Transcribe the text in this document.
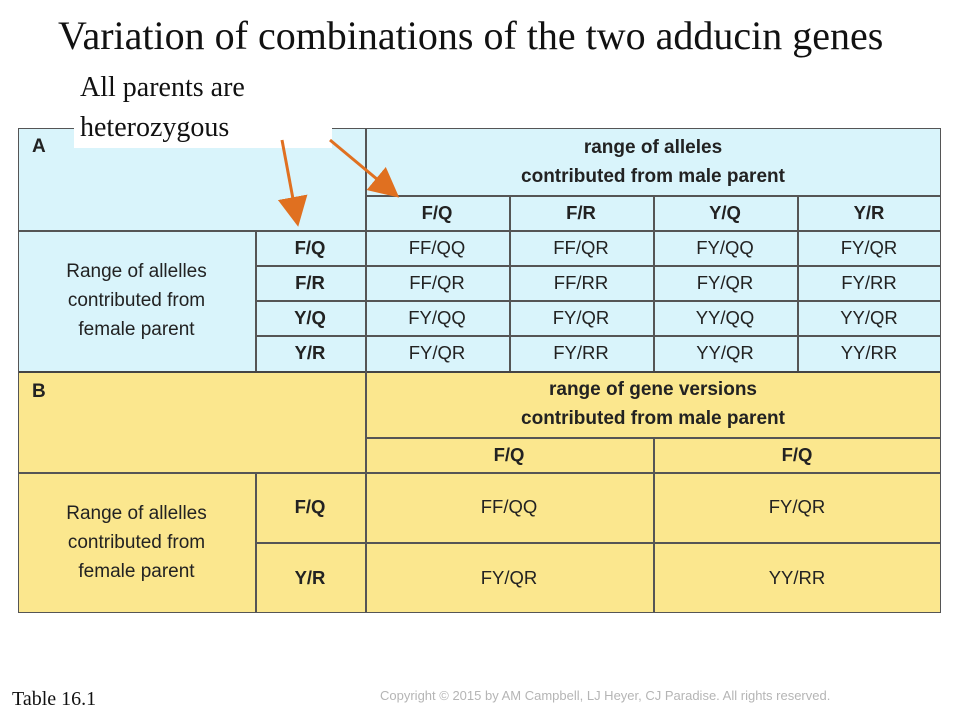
Variation of combinations of the two adducin genes
All parents are
heterozygous
A	range of alleles
contributed from male parent
F/Q	F/R	Y/Q	Y/R
Range of allelles
contributed from
female parent
F/Q	FF/QQ	FF/QR	FY/QQ	FY/QR
F/R	FF/QR	FF/RR	FY/QR	FY/RR
Y/Q	FY/QQ	FY/QR	YY/QQ	YY/QR
Y/R	FY/QR	FY/RR	YY/QR	YY/RR
B	range of gene versions
contributed from male parent
F/Q	F/Q
Range of allelles
contributed from
female parent
F/Q	FF/QQ	FY/QR
Y/R	FY/QR	YY/RR
Table 16.1	Copyright © 2015 by AM Campbell, LJ Heyer, CJ Paradise. All rights reserved.
